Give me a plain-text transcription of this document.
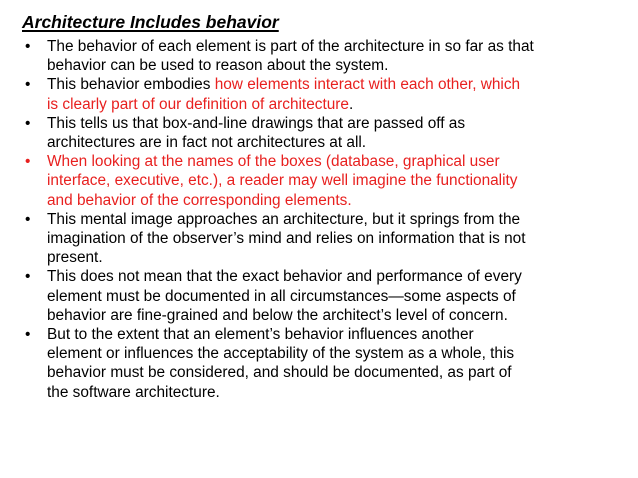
Architecture Includes behavior
• The behavior of each element is part of the architecture in so far as that
behavior can be used to reason about the system.
• This behavior embodies how elements interact with each other, which
is clearly part of our definition of architecture.
• This tells us that box-and-line drawings that are passed off as
architectures are in fact not architectures at all.
• When looking at the names of the boxes (database, graphical user
interface, executive, etc.), a reader may well imagine the functionality
and behavior of the corresponding elements.
• This mental image approaches an architecture, but it springs from the
imagination of the observer’s mind and relies on information that is not
present.
• This does not mean that the exact behavior and performance of every
element must be documented in all circumstances—some aspects of
behavior are fine-grained and below the architect’s level of concern.
• But to the extent that an element’s behavior influences another
element or influences the acceptability of the system as a whole, this
behavior must be considered, and should be documented, as part of
the software architecture.
